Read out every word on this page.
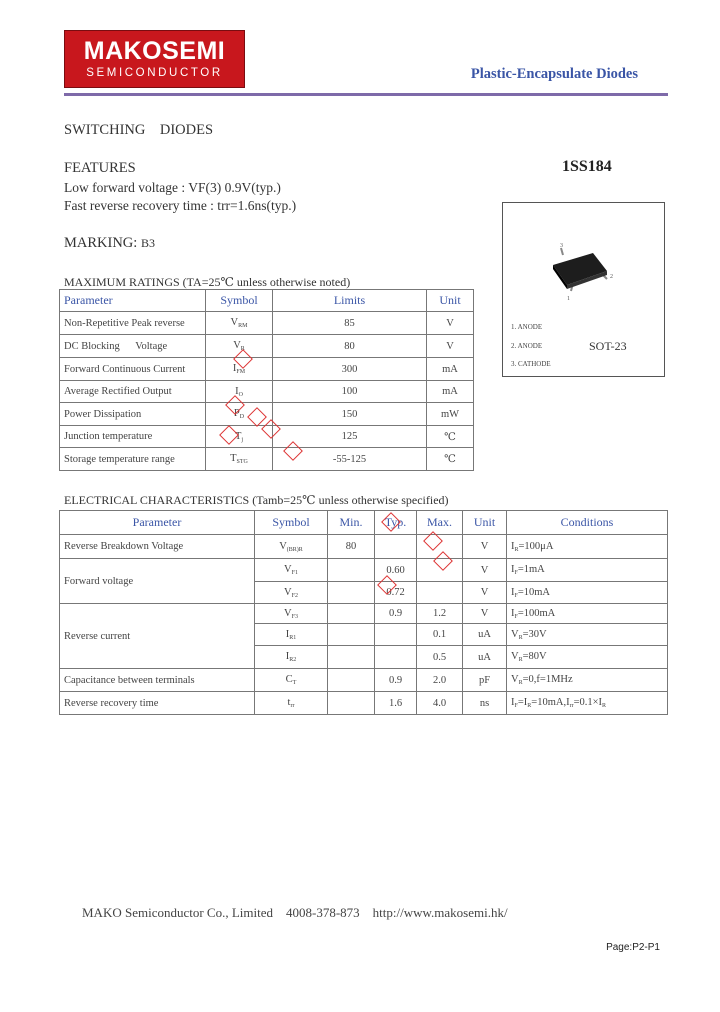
MAKOSEMI
SEMICONDUCTOR	Plastic-Encapsulate Diodes
SWITCHING    DIODES
FEATURES
Low forward voltage : VF(3) 0.9V(typ.)
Fast reverse recovery time : trr=1.6ns(typ.)
1SS184
MARKING: B3	3
2
1
1. ANODE
2. ANODE
3. CATHODE
SOT-23
MAXIMUM RATINGS (TA=25℃ unless otherwise noted)
Parameter	Symbol	Limits	Unit
Non-Repetitive Peak reverse	$V_{RM}$	85	V
DC Blocking      Voltage	$V_R$	80	V
Forward Continuous Current	$I_{FM}$	300	mA
Average Rectified Output	$I_O$	100	mA
Power Dissipation	$P_D$	150	mW
Junction temperature	$T_j$	125	℃
Storage temperature range	$T_{STG}$	-55-125	℃
ELECTRICAL CHARACTERISTICS (Tamb=25℃ unless otherwise specified)
Parameter	Symbol	Min.	Typ.	Max.	Unit	Conditions
Reverse Breakdown Voltage	$V_{(BR)R}$	80			V	$I_R=100\mu A$
Forward voltage	$V_{F1}$		0.60		V	$I_F=1mA$
	$V_{F2}$		0.72		V	$I_F=10mA$
Reverse current	$V_{F3}$		0.9	1.2	V	$I_F=100mA$
	$I_{R1}$			0.1	uA	$V_R=30V$
	$I_{R2}$			0.5	uA	$V_R=80V$
Capacitance between terminals	$C_T$		0.9	2.0	pF	$V_R=0,f=1MHz$
Reverse recovery time	$t_{rr}$		1.6	4.0	ns	$I_F=I_R=10mA,I_{rr}=0.1\times I_R$
MAKO Semiconductor Co., Limited    4008-378-873    http://www.makosemi.hk/
Page:P2-P1
